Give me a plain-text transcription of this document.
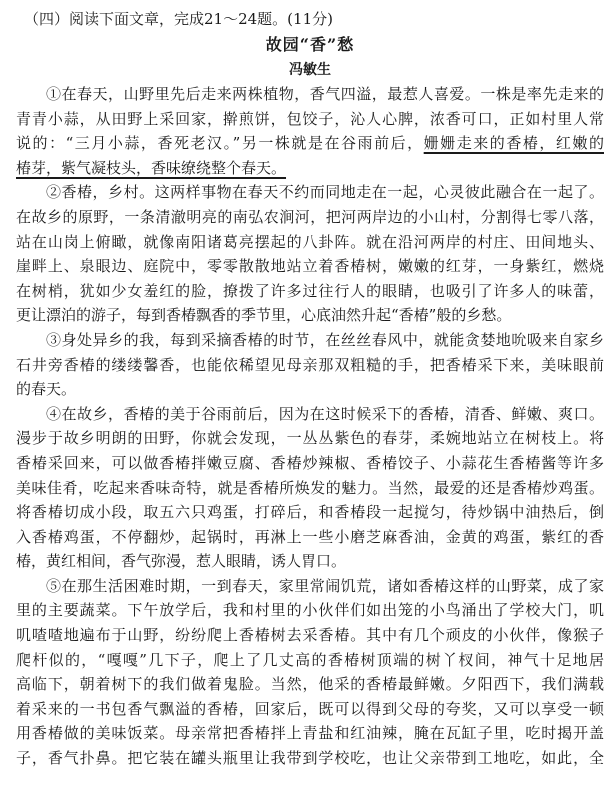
（四）阅读下面文章，完成21～24题。(11分)
故园“香”愁
冯敏生
①在春天，山野里先后走来两株植物，香气四溢，最惹人喜爱。一株是率先走来的
青青小蒜，从田野上采回家，擀煎饼，包饺子，沁人心脾，浓香可口，正如村里人常
说的：“三月小蒜，香死老汉。”另一株就是在谷雨前后，姗姗走来的香椿，红嫩的
椿芽，紫气凝枝头，香味缭绕整个春天。
②香椿，乡村。这两样事物在春天不约而同地走在一起，心灵彼此融合在一起了。
在故乡的原野，一条清澈明亮的南弘农涧河，把河两岸边的小山村，分割得七零八落，
站在山岗上俯瞰，就像南阳诸葛亮摆起的八卦阵。就在沿河两岸的村庄、田间地头、
崖畔上、泉眼边、庭院中，零零散散地站立着香椿树，嫩嫩的红芽，一身紫红，燃烧
在树梢，犹如少女羞红的脸，撩拨了许多过往行人的眼睛，也吸引了许多人的味蕾，
更让漂泊的游子，每到香椿飘香的季节里，心底油然升起“香椿”般的乡愁。
③身处异乡的我，每到采摘香椿的时节，在丝丝春风中，就能贪婪地吮吸来自家乡
石井旁香椿的缕缕馨香，也能依稀望见母亲那双粗糙的手，把香椿采下来，美味眼前
的春天。
④在故乡，香椿的美于谷雨前后，因为在这时候采下的香椿，清香、鲜嫩、爽口。
漫步于故乡明朗的田野，你就会发现，一丛丛紫色的春芽，柔婉地站立在树枝上。将
香椿采回来，可以做香椿拌嫩豆腐、香椿炒辣椒、香椿饺子、小蒜花生香椿酱等许多
美味佳肴，吃起来香味奇特，就是香椿所焕发的魅力。当然，最爱的还是香椿炒鸡蛋。
将香椿切成小段，取五六只鸡蛋，打碎后，和香椿段一起搅匀，待炒锅中油热后，倒
入香椿鸡蛋，不停翻炒，起锅时，再淋上一些小磨芝麻香油，金黄的鸡蛋，紫红的香
椿，黄红相间，香气弥漫，惹人眼睛，诱人胃口。
⑤在那生活困难时期，一到春天，家里常闹饥荒，诸如香椿这样的山野菜，成了家
里的主要蔬菜。下午放学后，我和村里的小伙伴们如出笼的小鸟涌出了学校大门，叽
叽喳喳地遍布于山野，纷纷爬上香椿树去采香椿。其中有几个顽皮的小伙伴，像猴子
爬杆似的，“嘎嘎”几下子，爬上了几丈高的香椿树顶端的树丫杈间，神气十足地居
高临下，朝着树下的我们做着鬼脸。当然，他采的香椿最鲜嫩。夕阳西下，我们满载
着采来的一书包香气飘溢的香椿，回家后，既可以得到父母的夸奖，又可以享受一顿
用香椿做的美味饭菜。母亲常把香椿拌上青盐和红油辣，腌在瓦缸子里，吃时揭开盖
子，香气扑鼻。把它装在罐头瓶里让我带到学校吃，也让父亲带到工地吃，如此，全
